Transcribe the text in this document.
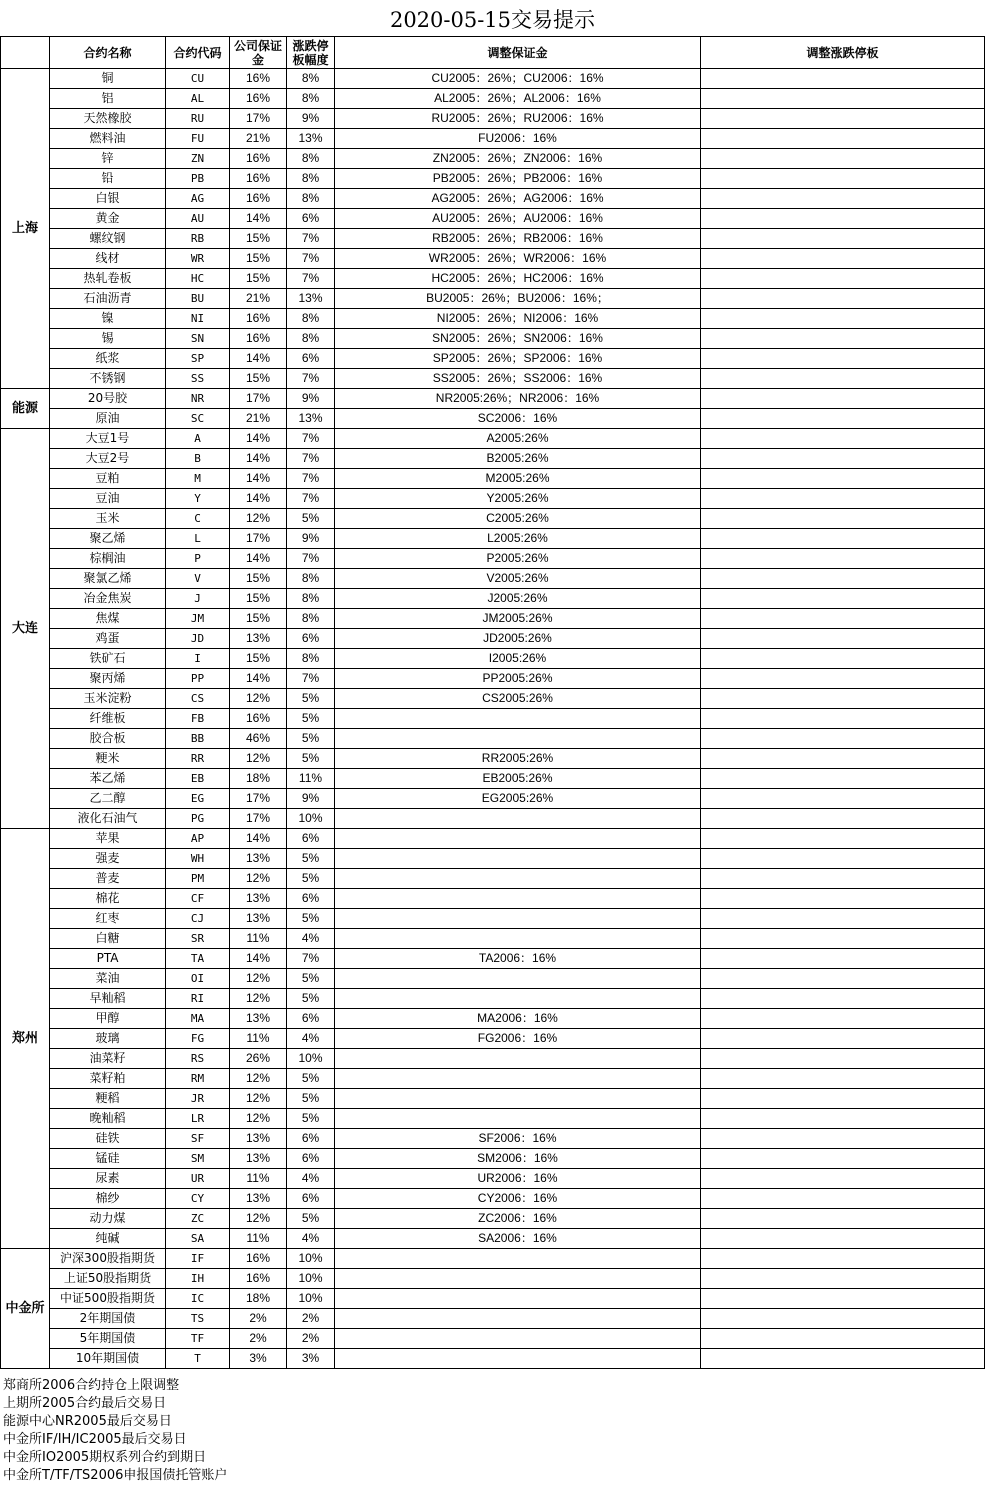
2020-05-15交易提示
	合约名称	合约代码	公司保证金	涨跌停板幅度	调整保证金	调整涨跌停板
上海	铜	CU	16%	8%	CU2005：26%；CU2006：16%	
	铝	AL	16%	8%	AL2005：26%；AL2006：16%	
	天然橡胶	RU	17%	9%	RU2005：26%；RU2006：16%	
	燃料油	FU	21%	13%	FU2006：16%	
	锌	ZN	16%	8%	ZN2005：26%；ZN2006：16%	
	铅	PB	16%	8%	PB2005：26%；PB2006：16%	
	白银	AG	16%	8%	AG2005：26%；AG2006：16%	
	黄金	AU	14%	6%	AU2005：26%；AU2006：16%	
	螺纹钢	RB	15%	7%	RB2005：26%；RB2006：16%	
	线材	WR	15%	7%	WR2005：26%；WR2006：16%	
	热轧卷板	HC	15%	7%	HC2005：26%；HC2006：16%	
	石油沥青	BU	21%	13%	BU2005：26%；BU2006：16%；	
	镍	NI	16%	8%	NI2005：26%；NI2006：16%	
	锡	SN	16%	8%	SN2005：26%；SN2006：16%	
	纸浆	SP	14%	6%	SP2005：26%；SP2006：16%	
	不锈钢	SS	15%	7%	SS2005：26%；SS2006：16%	
能源	20号胶	NR	17%	9%	NR2005:26%；NR2006：16%	
	原油	SC	21%	13%	SC2006：16%	
大连	大豆1号	A	14%	7%	A2005:26%	
	大豆2号	B	14%	7%	B2005:26%	
	豆粕	M	14%	7%	M2005:26%	
	豆油	Y	14%	7%	Y2005:26%	
	玉米	C	12%	5%	C2005:26%	
	聚乙烯	L	17%	9%	L2005:26%	
	棕榈油	P	14%	7%	P2005:26%	
	聚氯乙烯	V	15%	8%	V2005:26%	
	冶金焦炭	J	15%	8%	J2005:26%	
	焦煤	JM	15%	8%	JM2005:26%	
	鸡蛋	JD	13%	6%	JD2005:26%	
	铁矿石	I	15%	8%	I2005:26%	
	聚丙烯	PP	14%	7%	PP2005:26%	
	玉米淀粉	CS	12%	5%	CS2005:26%	
	纤维板	FB	16%	5%		
	胶合板	BB	46%	5%		
	粳米	RR	12%	5%	RR2005:26%	
	苯乙烯	EB	18%	11%	EB2005:26%	
	乙二醇	EG	17%	9%	EG2005:26%	
	液化石油气	PG	17%	10%		
郑州	苹果	AP	14%	6%		
	强麦	WH	13%	5%		
	普麦	PM	12%	5%		
	棉花	CF	13%	6%		
	红枣	CJ	13%	5%		
	白糖	SR	11%	4%		
	PTA	TA	14%	7%	TA2006：16%	
	菜油	OI	12%	5%		
	早籼稻	RI	12%	5%		
	甲醇	MA	13%	6%	MA2006：16%	
	玻璃	FG	11%	4%	FG2006：16%	
	油菜籽	RS	26%	10%		
	菜籽粕	RM	12%	5%		
	粳稻	JR	12%	5%		
	晚籼稻	LR	12%	5%		
	硅铁	SF	13%	6%	SF2006：16%	
	锰硅	SM	13%	6%	SM2006：16%	
	尿素	UR	11%	4%	UR2006：16%	
	棉纱	CY	13%	6%	CY2006：16%	
	动力煤	ZC	12%	5%	ZC2006：16%	
	纯碱	SA	11%	4%	SA2006：16%	
中金所	沪深300股指期货	IF	16%	10%		
	上证50股指期货	IH	16%	10%		
	中证500股指期货	IC	18%	10%		
	2年期国债	TS	2%	2%		
	5年期国债	TF	2%	2%		
	10年期国债	T	3%	3%		
郑商所2006合约持仓上限调整
上期所2005合约最后交易日
能源中心NR2005最后交易日
中金所IF/IH/IC2005最后交易日
中金所IO2005期权系列合约到期日
中金所T/TF/TS2006申报国债托管账户
